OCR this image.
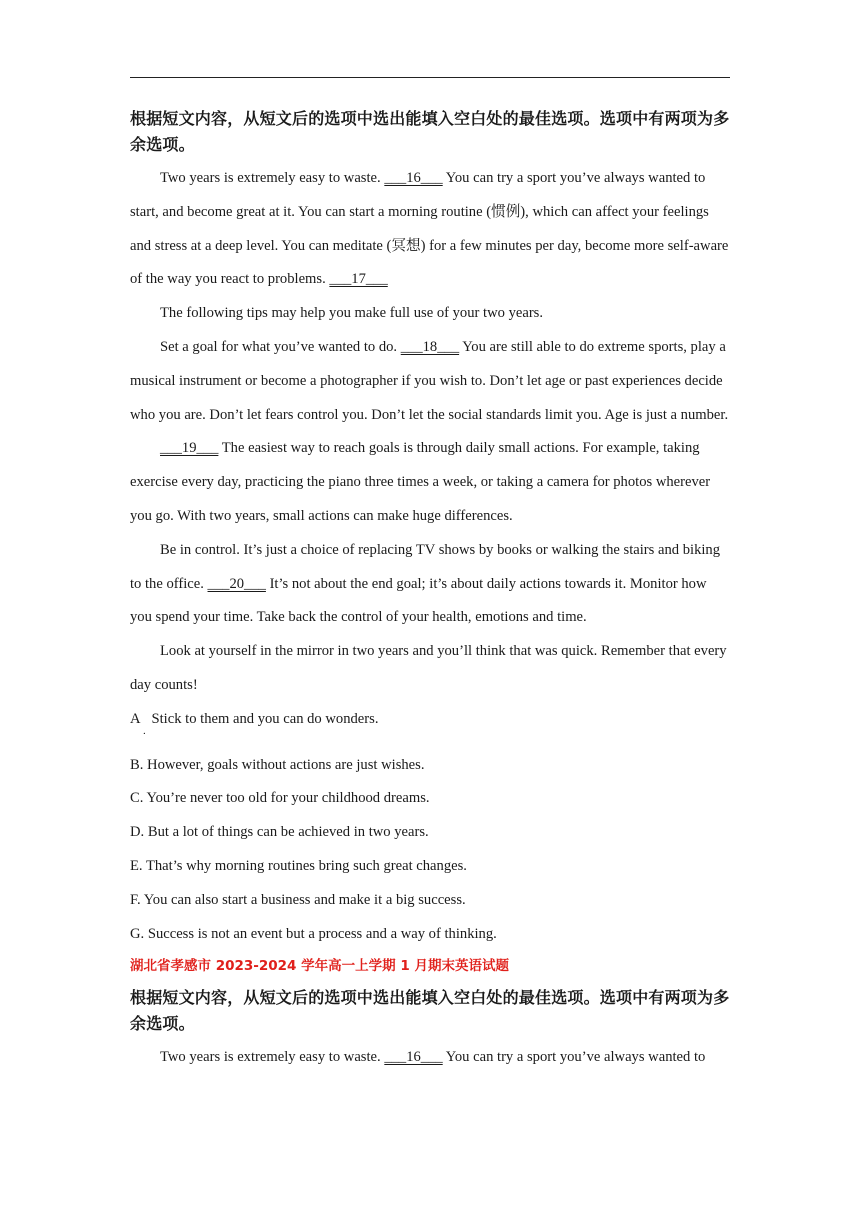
根据短文内容，从短文后的选项中选出能填入空白处的最佳选项。选项中有两项为多余选项。

Two years is extremely easy to waste. ___16___ You can try a sport you’ve always wanted to start, and become great at it. You can start a morning routine (惯例), which can affect your feelings and stress at a deep level. You can meditate (冥想) for a few minutes per day, become more self-aware of the way you react to problems. ___17___

The following tips may help you make full use of your two years.

Set a goal for what you’ve wanted to do. ___18___ You are still able to do extreme sports, play a musical instrument or become a photographer if you wish to. Don’t let age or past experiences decide who you are. Don’t let fears control you. Don’t let the social standards limit you. Age is just a number.

___19___ The easiest way to reach goals is through daily small actions. For example, taking exercise every day, practicing the piano three times a week, or taking a camera for photos wherever you go. With two years, small actions can make huge differences.

Be in control. It’s just a choice of replacing TV shows by books or walking the stairs and biking to the office. ___20___ It’s not about the end goal; it’s about daily actions towards it. Monitor how you spend your time. Take back the control of your health, emotions and time.

Look at yourself in the mirror in two years and you’ll think that was quick. Remember that every day counts!

A
.
Stick to them and you can do wonders.

B. However, goals without actions are just wishes.

C. You’re never too old for your childhood dreams.

D. But a lot of things can be achieved in two years.

E. That’s why morning routines bring such great changes.

F. You can also start a business and make it a big success.

G. Success is not an event but a process and a way of thinking.

湖北省孝感市 2023-2024 学年高一上学期 1 月期末英语试题
根据短文内容，从短文后的选项中选出能填入空白处的最佳选项。选项中有两项为多余选项。

Two years is extremely easy to waste. ___16___ You can try a sport you’ve always wanted to
